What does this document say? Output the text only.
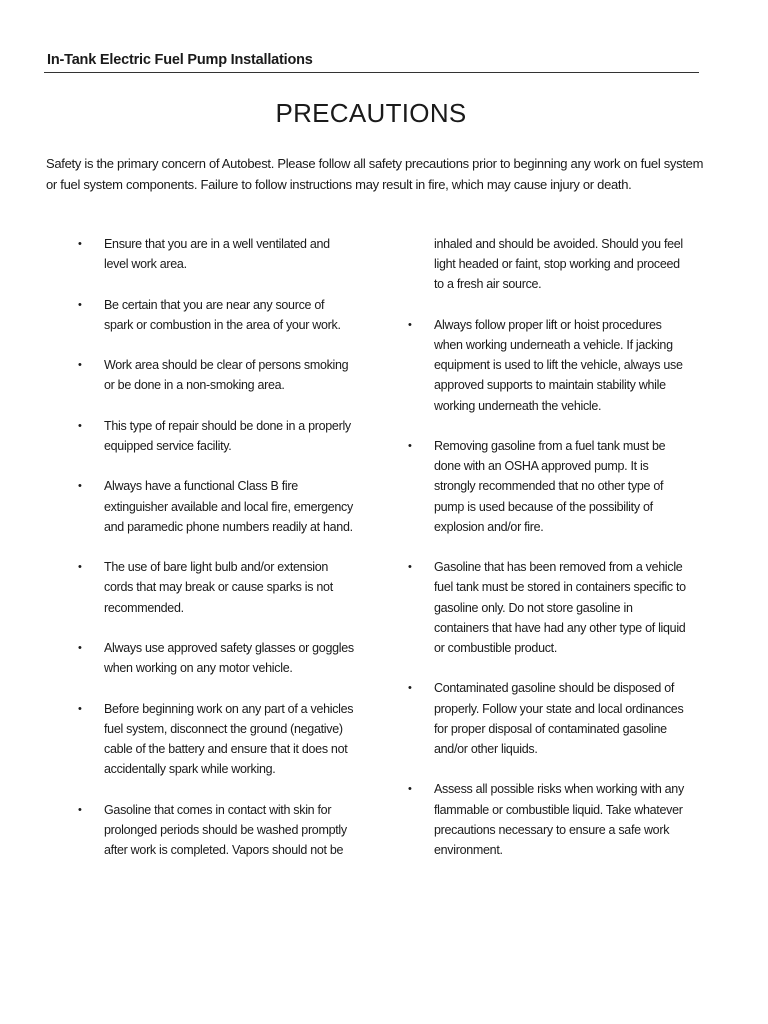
In-Tank Electric Fuel Pump Installations
PRECAUTIONS

Safety is the primary concern of Autobest. Please follow all safety precautions prior to beginning any work on fuel system or fuel system components. Failure to follow instructions may result in fire, which may cause injury or death.

• Ensure that you are in a well ventilated and level work area.
• Be certain that you are near any source of spark or combustion in the area of your work.
• Work area should be clear of persons smoking or be done in a non-smoking area.
• This type of repair should be done in a properly equipped service facility.
• Always have a functional Class B fire extinguisher available and local fire, emergency and paramedic phone numbers readily at hand.
• The use of bare light bulb and/or extension cords that may break or cause sparks is not recommended.
• Always use approved safety glasses or goggles when working on any motor vehicle.
• Before beginning work on any part of a vehicles fuel system, disconnect the ground (negative) cable of the battery and ensure that it does not accidentally spark while working.
• Gasoline that comes in contact with skin for prolonged periods should be washed promptly after work is completed. Vapors should not be
inhaled and should be avoided. Should you feel light headed or faint, stop working and proceed to a fresh air source.
• Always follow proper lift or hoist procedures when working underneath a vehicle. If jacking equipment is used to lift the vehicle, always use approved supports to maintain stability while working underneath the vehicle.
• Removing gasoline from a fuel tank must be done with an OSHA approved pump. It is strongly recommended that no other type of pump is used because of the possibility of explosion and/or fire.
• Gasoline that has been removed from a vehicle fuel tank must be stored in containers specific to gasoline only. Do not store gasoline in containers that have had any other type of liquid or combustible product.
• Contaminated gasoline should be disposed of properly. Follow your state and local ordinances for proper disposal of contaminated gasoline and/or other liquids.
• Assess all possible risks when working with any flammable or combustible liquid. Take whatever precautions necessary to ensure a safe work environment.
